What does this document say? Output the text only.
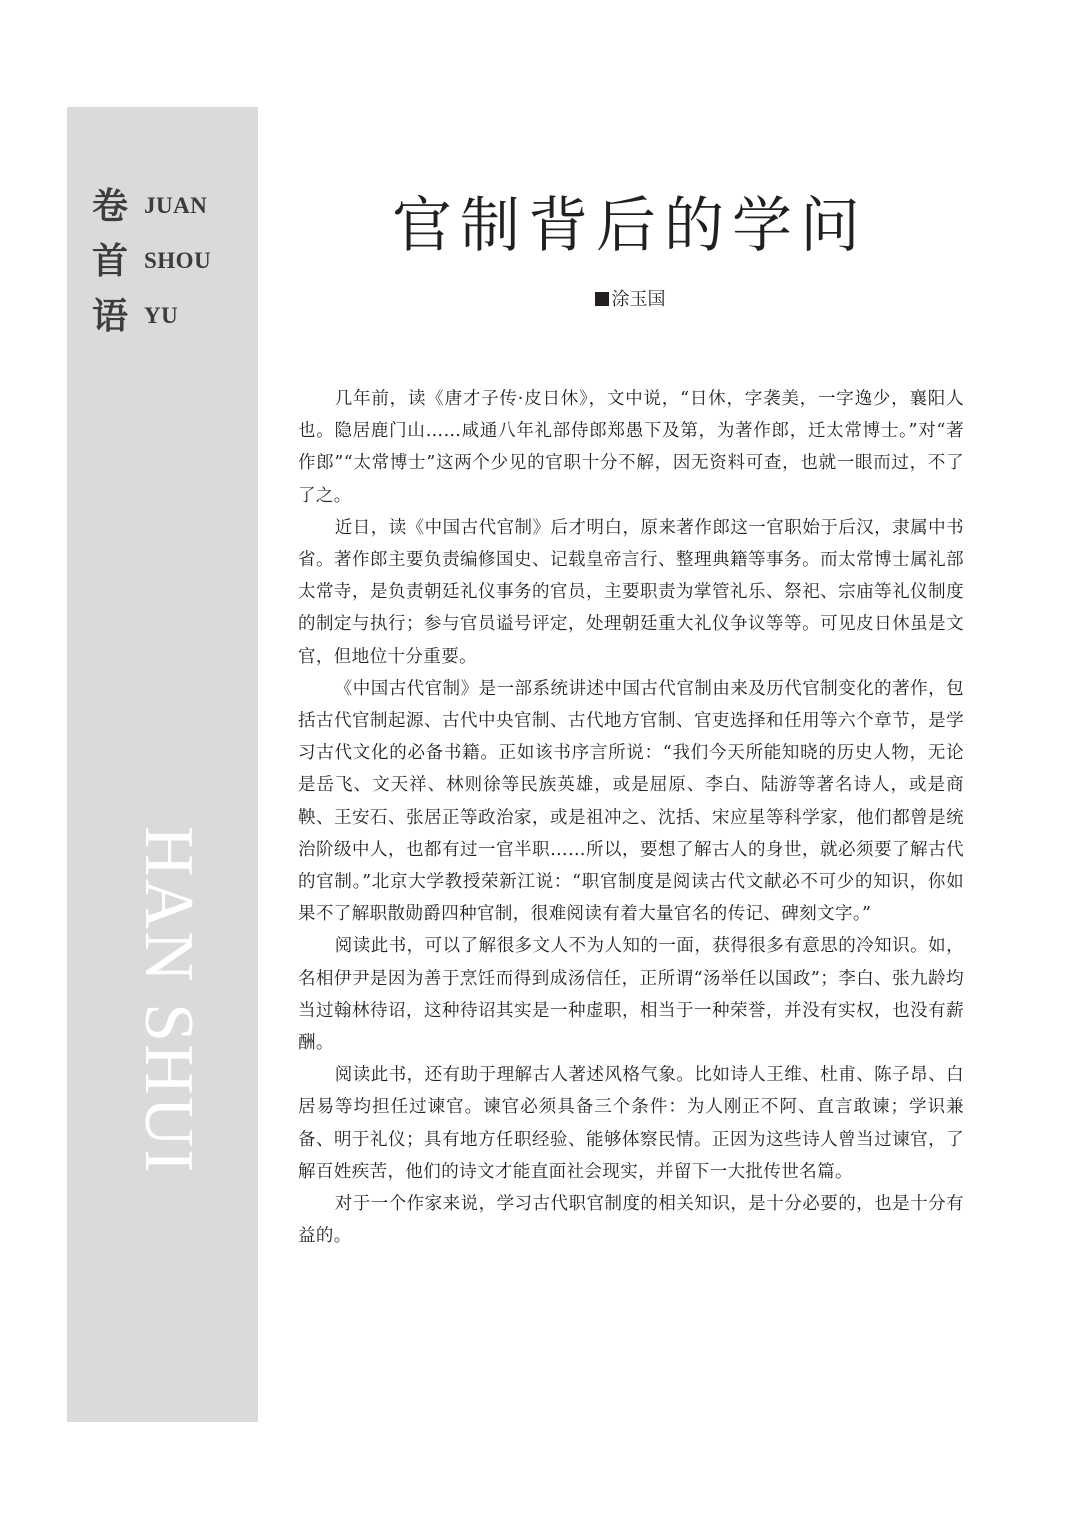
卷 JUAN
首 SHOU
语 YU
HAN SHUI
官制背后的学问
涂玉国

几年前，读《唐才子传·皮日休》，文中说，“日休，字袭美，一字逸少，襄阳人也。隐居鹿门山……咸通八年礼部侍郎郑愚下及第，为著作郎，迁太常博士。”对“著作郎”“太常博士”这两个少见的官职十分不解，因无资料可查，也就一眼而过，不了了之。

近日，读《中国古代官制》后才明白，原来著作郎这一官职始于后汉，隶属中书省。著作郎主要负责编修国史、记载皇帝言行、整理典籍等事务。而太常博士属礼部太常寺，是负责朝廷礼仪事务的官员，主要职责为掌管礼乐、祭祀、宗庙等礼仪制度的制定与执行；参与官员谥号评定，处理朝廷重大礼仪争议等等。可见皮日休虽是文官，但地位十分重要。

《中国古代官制》是一部系统讲述中国古代官制由来及历代官制变化的著作，包括古代官制起源、古代中央官制、古代地方官制、官吏选择和任用等六个章节，是学习古代文化的必备书籍。正如该书序言所说：“我们今天所能知晓的历史人物，无论是岳飞、文天祥、林则徐等民族英雄，或是屈原、李白、陆游等著名诗人，或是商鞅、王安石、张居正等政治家，或是祖冲之、沈括、宋应星等科学家，他们都曾是统治阶级中人，也都有过一官半职……所以，要想了解古人的身世，就必须要了解古代的官制。”北京大学教授荣新江说：“职官制度是阅读古代文献必不可少的知识，你如果不了解职散勋爵四种官制，很难阅读有着大量官名的传记、碑刻文字。”

阅读此书，可以了解很多文人不为人知的一面，获得很多有意思的冷知识。如，名相伊尹是因为善于烹饪而得到成汤信任，正所谓“汤举任以国政”；李白、张九龄均当过翰林待诏，这种待诏其实是一种虚职，相当于一种荣誉，并没有实权，也没有薪酬。

阅读此书，还有助于理解古人著述风格气象。比如诗人王维、杜甫、陈子昂、白居易等均担任过谏官。谏官必须具备三个条件：为人刚正不阿、直言敢谏；学识兼备、明于礼仪；具有地方任职经验、能够体察民情。正因为这些诗人曾当过谏官，了解百姓疾苦，他们的诗文才能直面社会现实，并留下一大批传世名篇。

对于一个作家来说，学习古代职官制度的相关知识，是十分必要的，也是十分有益的。
